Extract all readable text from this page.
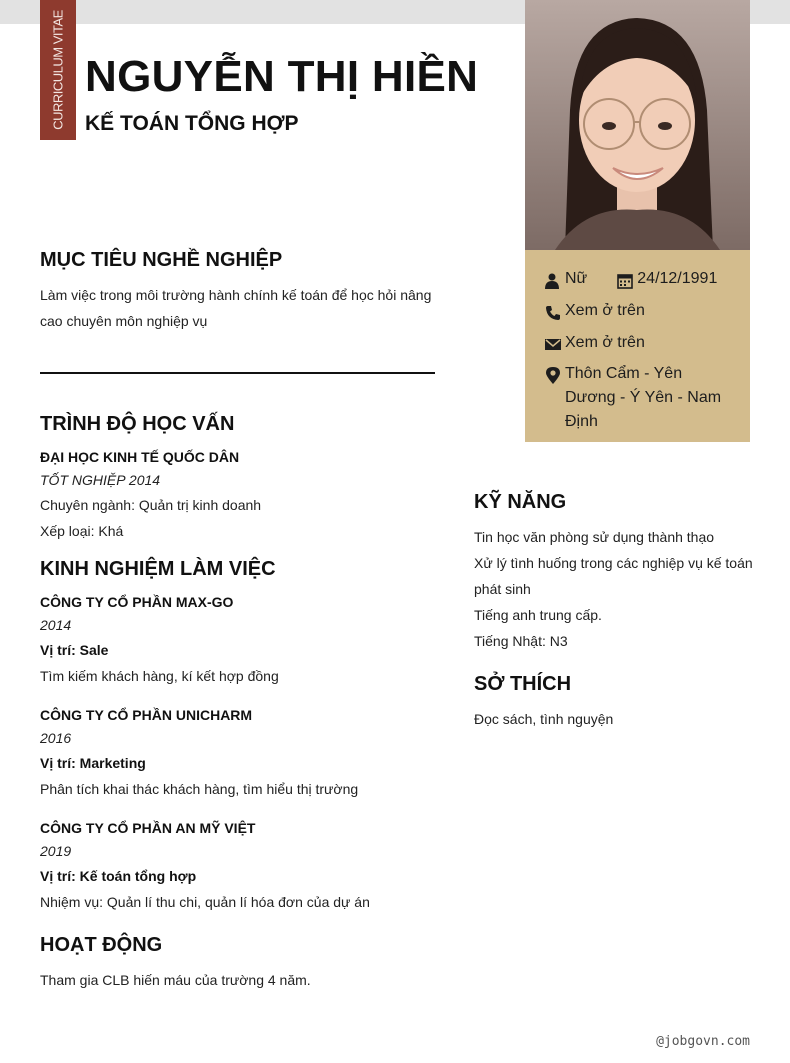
CURRICULUM VITAE NGUYỄN THỊ HIỀN
KẾ TOÁN TỔNG HỢP
Nữ	24/12/1991
Xem ở trên
Xem ở trên
Thôn Cẩm - Yên Dương - Ý Yên - Nam Định
MỤC TIÊU NGHỀ NGHIỆP
Làm việc trong môi trường hành chính kế toán để học hỏi nâng cao chuyên môn nghiệp vụ
TRÌNH ĐỘ HỌC VẤN
ĐẠI HỌC KINH TẾ QUỐC DÂN
TỐT NGHIỆP 2014
Chuyên ngành: Quản trị kinh doanh
Xếp loại: Khá
KINH NGHIỆM LÀM VIỆC
CÔNG TY CỔ PHẦN MAX-GO
2014
Vị trí: Sale
Tìm kiếm khách hàng, kí kết hợp đồng
CÔNG TY CỔ PHẦN UNICHARM
2016
Vị trí: Marketing
Phân tích khai thác khách hàng, tìm hiểu thị trường
CÔNG TY CỔ PHẦN AN MỸ VIỆT
2019
Vị trí: Kế toán tổng hợp
Nhiệm vụ: Quản lí thu chi, quản lí hóa đơn của dự án
HOẠT ĐỘNG
Tham gia CLB hiến máu của trường 4 năm.
KỸ NĂNG
Tin học văn phòng sử dụng thành thạo
Xử lý tình huống trong các nghiệp vụ kế toán phát sinh
Tiếng anh trung cấp.
Tiếng Nhật: N3
SỞ THÍCH
Đọc sách, tình nguyện
@jobgovn.com
